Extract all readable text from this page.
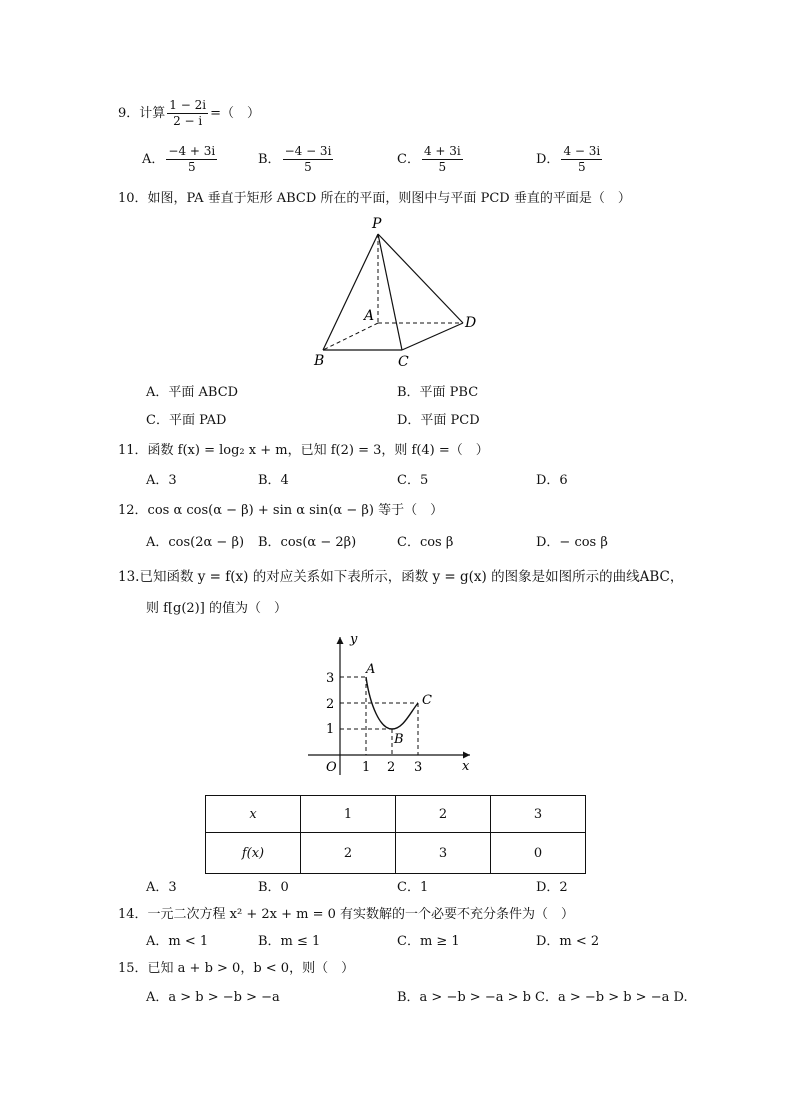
9．计算 $\frac{1 - 2i}{2 - i}$ =（　）
A． $\frac{-4 + 3i}{5}$	B． $\frac{-4 - 3i}{5}$	C． $\frac{4 + 3i}{5}$	D． $\frac{4 - 3i}{5}$
10．如图，PA 垂直于矩形 ABCD 所在的平面，则图中与平面 PCD 垂直的平面是（　）
P
A
B	C
D
A．平面 ABCD	B．平面 PBC
C．平面 PAD	D．平面 PCD
11．函数 f(x) = log₂ x + m，已知 f(2) = 3，则 f(4) =（　）
A．3	B．4	C．5	D．6
12．cos α cos(α − β) + sin α sin(α − β) 等于（　）
A．cos(2α − β) B．cos(α − 2β)	C．cos β	D．− cos β
13.已知函数 y = f(x) 的对应关系如下表所示，函数 y = g(x) 的图象是如图所示的曲线ABC，
则 f[g(2)] 的值为（　）
y
x
O 1 2 3
1
2
3
A
B
C
x	1	2	3
f(x)	2	3	0
A．3	B．0	C．1	D．2
14．一元二次方程 x² + 2x + m = 0 有实数解的一个必要不充分条件为（　）
A．m < 1	B．m ≤ 1	C．m ≥ 1	D．m < 2
15．已知 a + b > 0，b < 0，则（　）
A．a > b > −b > −a	B．a > −b > −a > b C．a > −b > b > −a D.
